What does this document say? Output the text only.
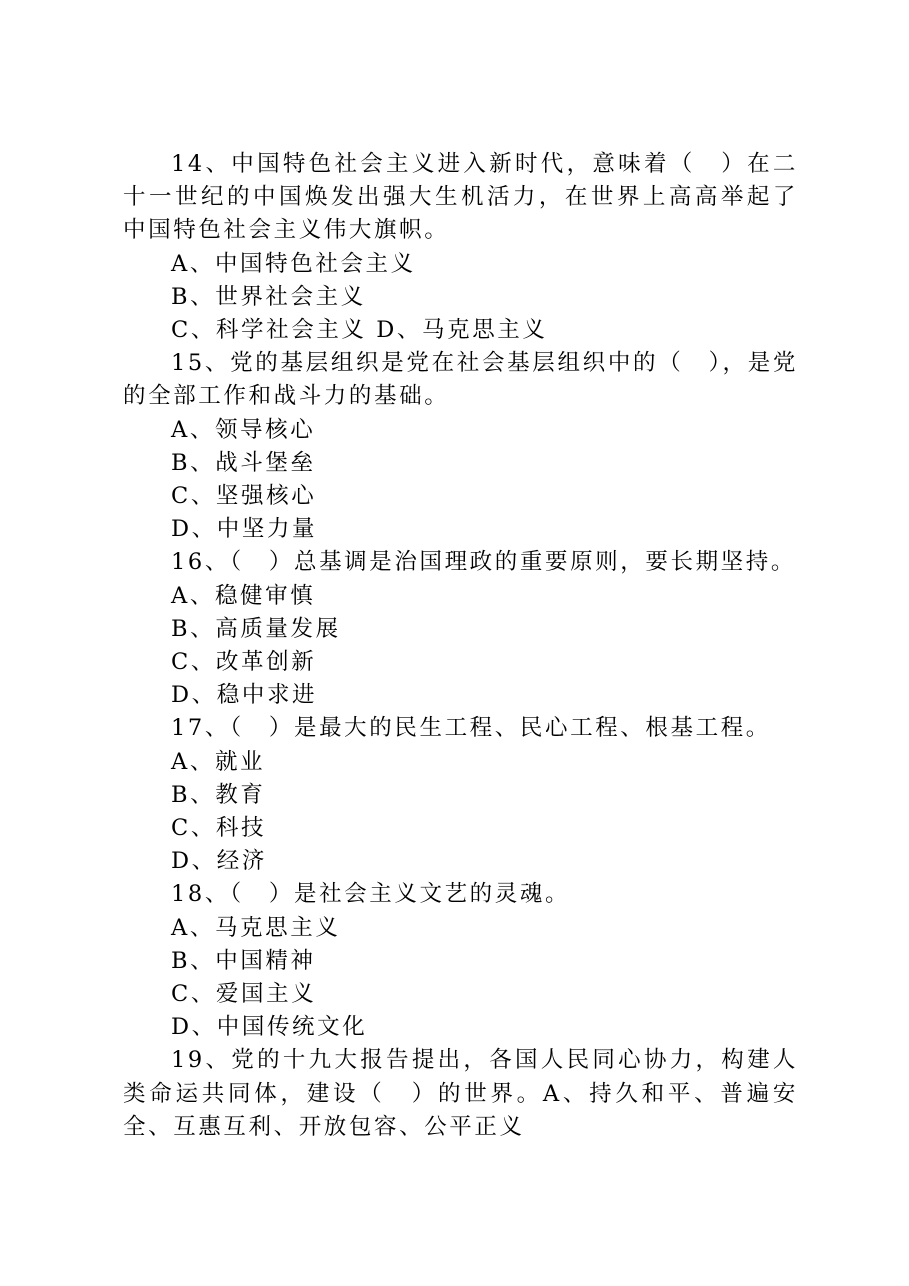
14、中国特色社会主义进入新时代，意味着（　）在二十一世纪的中国焕发出强大生机活力，在世界上高高举起了中国特色社会主义伟大旗帜。

A、中国特色社会主义

B、世界社会主义

C、科学社会主义 D、马克思主义

15、党的基层组织是党在社会基层组织中的（　），是党的全部工作和战斗力的基础。

A、领导核心

B、战斗堡垒

C、坚强核心

D、中坚力量

16、（　）总基调是治国理政的重要原则，要长期坚持。

A、稳健审慎

B、高质量发展

C、改革创新

D、稳中求进

17、（　）是最大的民生工程、民心工程、根基工程。

A、就业

B、教育

C、科技

D、经济

18、（　）是社会主义文艺的灵魂。

A、马克思主义

B、中国精神

C、爱国主义

D、中国传统文化

19、党的十九大报告提出，各国人民同心协力，构建人类命运共同体，建设（　）的世界。A、持久和平、普遍安全、互惠互利、开放包容、公平正义
